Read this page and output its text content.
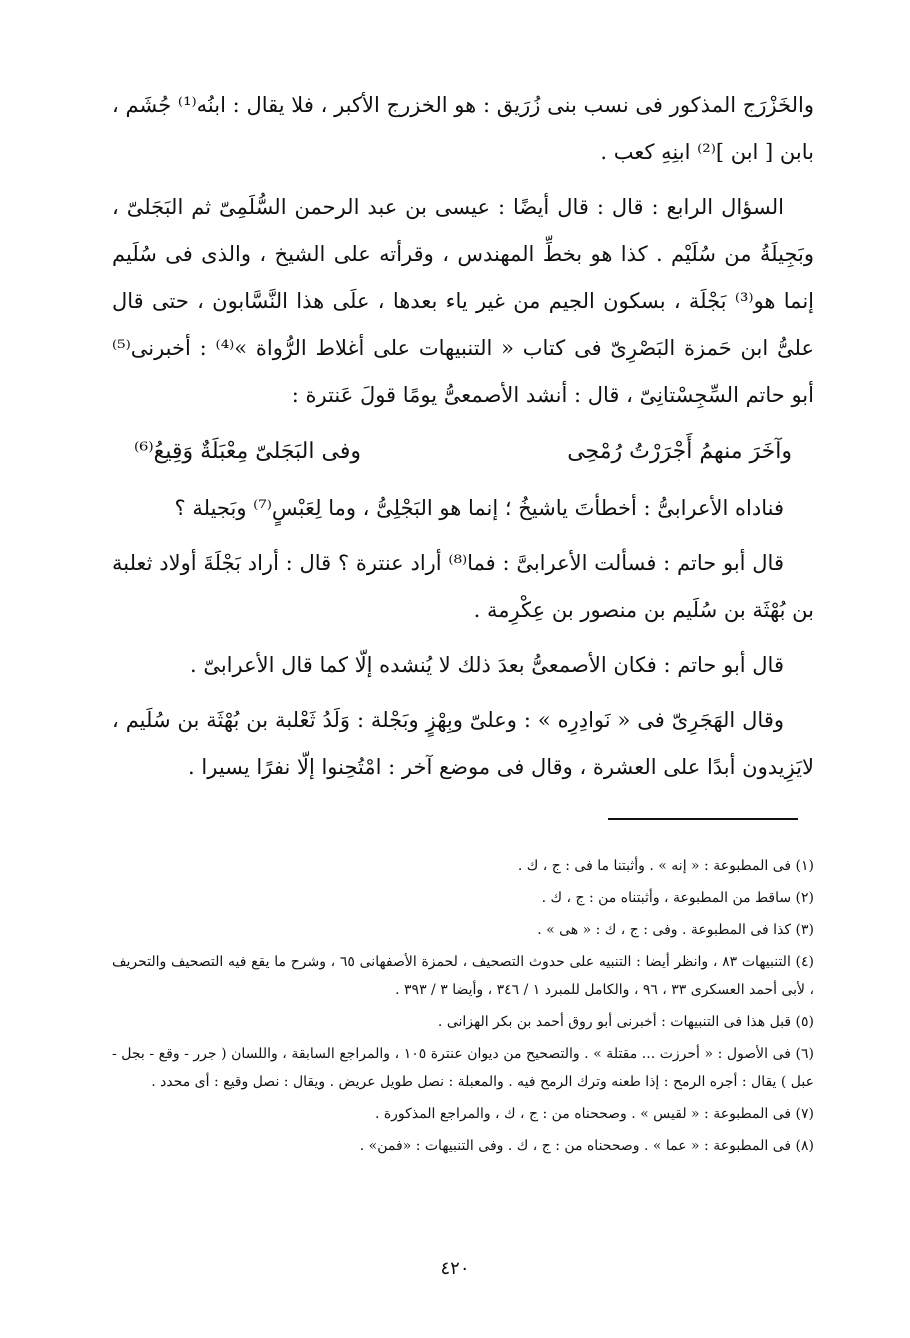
والخَزْرَج المذكور فى نسب بنى زُرَيق : هو الخزرج الأكبر ، فلا يقال : ابنُه⁽¹⁾ جُشَم ، بابن [ ابن ]⁽²⁾ ابنِهِ كعب .

السؤال الرابع : قال : قال أيضًا : عيسى بن عبد الرحمن السُّلَمِىّ ثم البَجَلىّ ، وبَجِيلَةُ من سُلَيْم . كذا هو بخطِّ المهندس ، وقرأته على الشيخ ، والذى فى سُلَيم إنما هو⁽³⁾ بَجْلَة ، بسكون الجيم من غير ياء بعدها ، علَى هذا النَّسَّابون ، حتى قال علىُّ ابن حَمزة البَصْرِىّ فى كتاب « التنبيهات على أغلاط الرُّواة »⁽⁴⁾ : أخبرنى⁽⁵⁾ أبو حاتم السِّجِسْتانِىّ ، قال : أنشد الأصمعىُّ يومًا قولَ عَنترة :

وآخَرَ منهمُ أَجْرَرْتُ رُمْحِى
وفى البَجَلىّ مِعْبَلَةٌ وَقِيعُ⁽⁶⁾

فناداه الأعرابىُّ : أخطأتَ ياشيخُ ؛ إنما هو البَجْلِىُّ ، وما لِعَبْسٍ⁽⁷⁾ وبَجيلة ؟

قال أبو حاتم : فسألت الأعرابىَّ : فما⁽⁸⁾ أراد عنترة ؟ قال : أراد بَجْلَةَ أولاد ثعلبة بن بُهْثَة بن سُلَيم بن منصور بن عِكْرِمة .

قال أبو حاتم : فكان الأصمعىُّ بعدَ ذلك لا يُنشده إلّا كما قال الأعرابىّ .

وقال الهَجَرِىّ فى « نَوادِرِه » : وعلىّ وبِهْزٍ وبَجْلة : وَلَدُ ثَعْلبة بن بُهْثَة بن سُلَيم ، لايَزِيدون أبدًا على العشرة ، وقال فى موضع آخر : امْتُحِنوا إلّا نفرًا يسيرا .

(١) فى المطبوعة : « إنه » . وأثبتنا ما فى : ج ، ك .
(٢) ساقط من المطبوعة ، وأثبتناه من : ج ، ك .
(٣) كذا فى المطبوعة . وفى : ج ، ك : « هى » .
(٤) التنبيهات ٨٣ ، وانظر أيضا : التنبيه على حدوث التصحيف ، لحمزة الأصفهانى ٦٥ ، وشرح ما يقع فيه التصحيف والتحريف ، لأبى أحمد العسكرى ٣٣ ، ٩٦ ، والكامل للمبرد ١ / ٣٤٦ ، وأيضا ٣ / ٣٩٣ .
(٥) قبل هذا فى التنبيهات : أخبرنى أبو روق أحمد بن بكر الهزانى .
(٦) فى الأصول : « أحرزت ... مقتلة » . والتصحيح من ديوان عنترة ١٠٥ ، والمراجع السابقة ، واللسان ( جرر - وقع - بجل - عبل ) يقال : أجره الرمح : إذا طعنه وترك الرمح فيه . والمعبلة : نصل طويل عريض . ويقال : نصل وقيع : أى محدد .
(٧) فى المطبوعة : « لقيس » . وصححناه من : ج ، ك ، والمراجع المذكورة .
(٨) فى المطبوعة : « عما » . وصححناه من : ج ، ك . وفى التنبيهات : «فمن» .
٤٢٠
